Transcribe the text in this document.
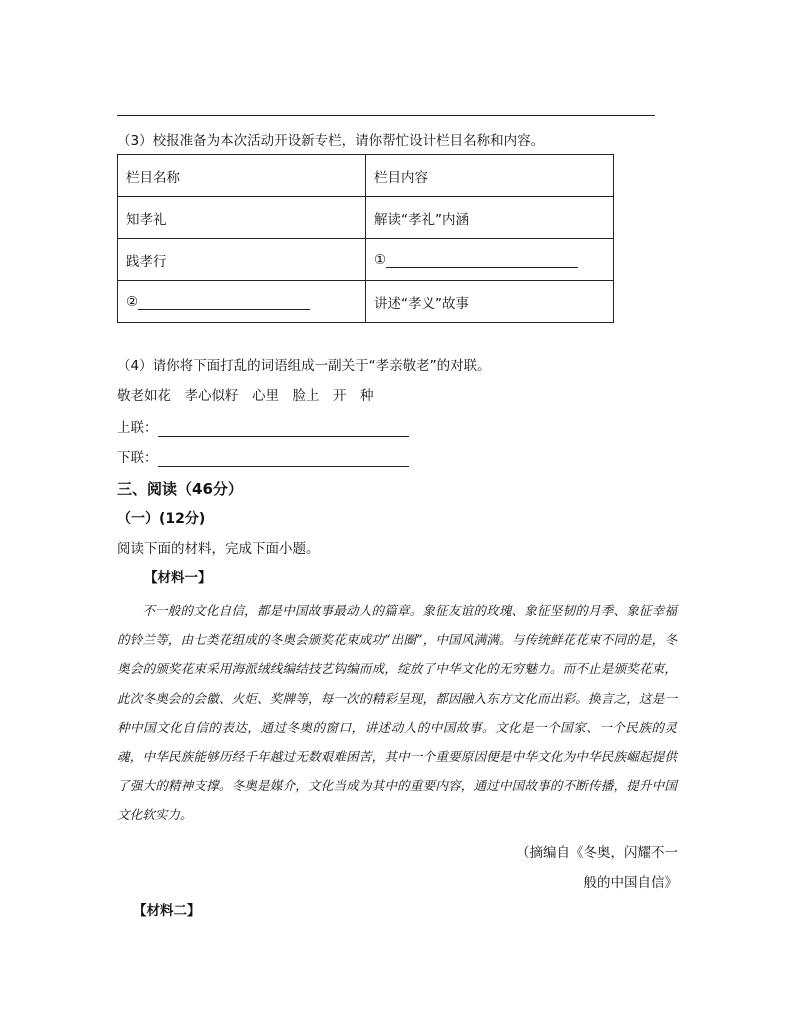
（3）校报准备为本次活动开设新专栏，请你帮忙设计栏目名称和内容。
栏目名称	栏目内容
知孝礼	解读“孝礼”内涵
践孝行	①
②	讲述“孝义”故事
（4）请你将下面打乱的词语组成一副关于“孝亲敬老”的对联。
敬老如花　孝心似籽　心里　脸上　开　种
上联：
下联：
三、阅读（46分）
（一）(12分)
阅读下面的材料，完成下面小题。
【材料一】

不一般的文化自信，都是中国故事最动人的篇章。象征友谊的玫瑰、象征坚韧的月季、象征幸福的铃兰等，由七类花组成的冬奥会颁奖花束成功“出圈”，中国风满满。与传统鲜花花束不同的是，冬奥会的颁奖花束采用海派绒线编结技艺钩编而成，绽放了中华文化的无穷魅力。而不止是颁奖花束，此次冬奥会的会徽、火炬、奖牌等，每一次的精彩呈现，都因融入东方文化而出彩。换言之，这是一种中国文化自信的表达，通过冬奥的窗口，讲述动人的中国故事。文化是一个国家、一个民族的灵魂，中华民族能够历经千年越过无数艰难困苦，其中一个重要原因便是中华文化为中华民族崛起提供了强大的精神支撑。冬奥是媒介，文化当成为其中的重要内容，通过中国故事的不断传播，提升中国文化软实力。

（摘编自《冬奥，闪耀不一
般的中国自信》
【材料二】
